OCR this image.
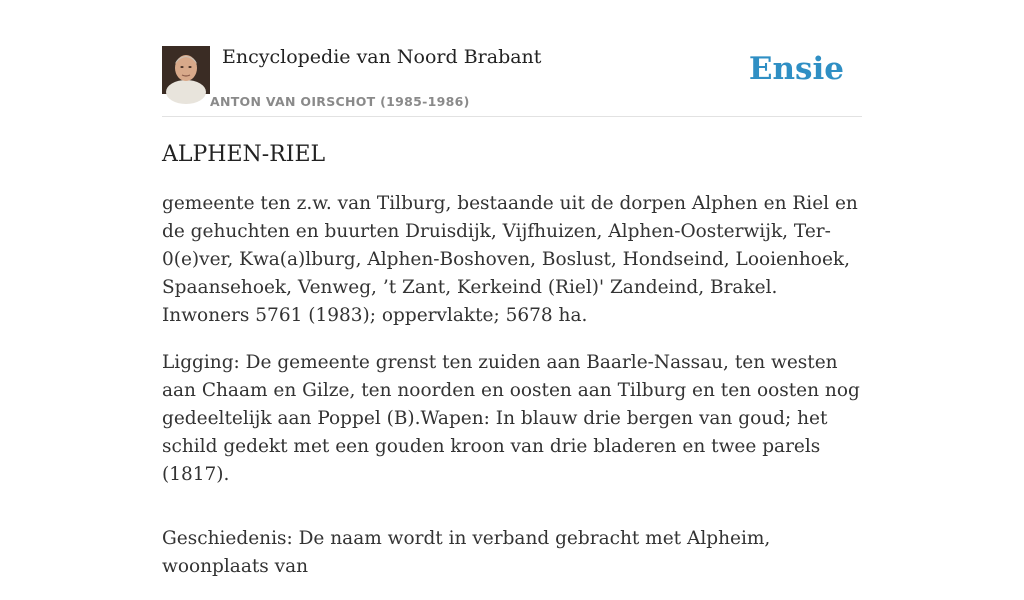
Encyclopedie van Noord Brabant
ANTON VAN OIRSCHOT (1985-1986)
Ensie
ALPHEN-RIEL

gemeente ten z.w. van Tilburg, bestaande uit de dorpen Alphen en Riel en de gehuchten en buurten Druisdijk, Vijfhuizen, Alphen-Oosterwijk, Ter-0(e)ver, Kwa(a)lburg, Alphen-Boshoven, Boslust, Hondseind, Looienhoek, Spaansehoek, Venweg, ’t Zant, Kerkeind (Riel)' Zandeind, Brakel. Inwoners 5761 (1983); oppervlakte; 5678 ha.

Ligging: De gemeente grenst ten zuiden aan Baarle-Nassau, ten westen aan Chaam en Gilze, ten noorden en oosten aan Tilburg en ten oosten nog gedeeltelijk aan Poppel (B).Wapen: In blauw drie bergen van goud; het schild gedekt met een gouden kroon van drie bladeren en twee parels (1817).

Geschiedenis: De naam wordt in verband gebracht met Alpheim, woonplaats van
